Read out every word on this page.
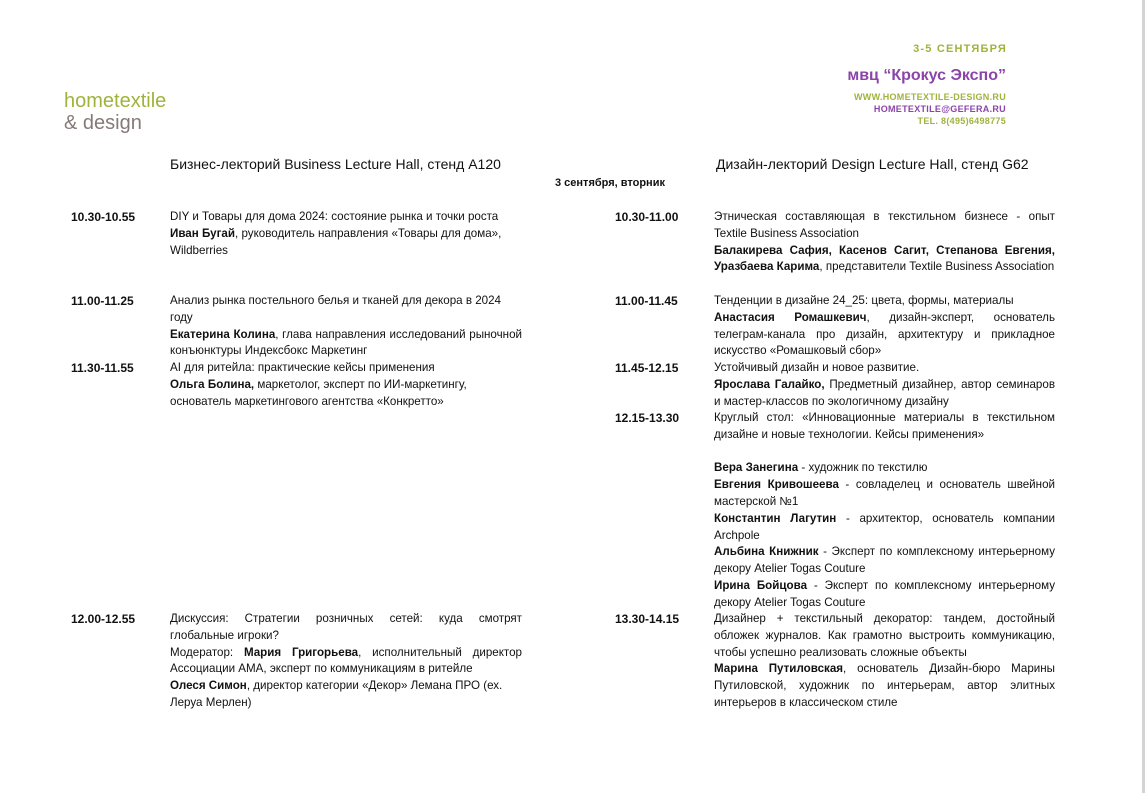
hometextile
& design
3-5 СЕНТЯБРЯ
мвц “Крокус Экспо”
WWW.HOMETEXTILE-DESIGN.RU
HOMETEXTILE@GEFERA.RU
TEL. 8(495)6498775
Бизнес-лекторий Business Lecture Hall, стенд A120	Дизайн-лекторий Design Lecture Hall, стенд G62
3 сентября, вторник
10.30-10.55	DIY и Товары для дома 2024: состояние рынка и точки роста

Иван Бугай, руководитель направления «Товары для дома», Wildberries

11.00-11.25	Анализ рынка постельного белья и тканей для декора в 2024 году

Екатерина Колина, глава направления исследований рыночной конъюнктуры Индексбокс Маркетинг

11.30-11.55	AI для ритейла: практические кейсы применения

Ольга Болина, маркетолог, эксперт по ИИ-маркетингу, основатель маркетингового агентства «Конкретто»

12.00-12.55	Дискуссия: Стратегии розничных сетей: куда смотрят глобальные игроки?

Модератор: Мария Григорьева, исполнительный директор Ассоциации АМА, эксперт по коммуникациям в ритейле

Олеся Симон, директор категории «Декор» Лемана ПРО (ех. Леруа Мерлен)

10.30-11.00	Этническая составляющая в текстильном бизнесе - опыт Textile Business Association

Балакирева Сафия, Касенов Сагит, Степанова Евгения, Уразбаева Карима, представители Textile Business Association

11.00-11.45	Тенденции в дизайне 24_25: цвета, формы, материалы

Анастасия Ромашкевич, дизайн-эксперт, основатель телеграм-канала про дизайн, архитектуру и прикладное искусство «Ромашковый сбор»

11.45-12.15	Устойчивый дизайн и новое развитие.

Ярослава Галайко, Предметный дизайнер, автор семинаров и мастер-классов по экологичному дизайну

12.15-13.30	Круглый стол: «Инновационные материалы в текстильном дизайне и новые технологии. Кейсы применения»

Вера Занегина - художник по текстилю

Евгения Кривошеева - совладелец и основатель швейной мастерской №1

Константин Лагутин - архитектор, основатель компании Archpole

Альбина Книжник - Эксперт по комплексному интерьерному декору Atelier Togas Couture

Ирина Бойцова - Эксперт по комплексному интерьерному декору Atelier Togas Couture

13.30-14.15	Дизайнер + текстильный декоратор: тандем, достойный обложек журналов. Как грамотно выстроить коммуникацию, чтобы успешно реализовать сложные объекты

Марина Путиловская, основатель Дизайн-бюро Марины Путиловской, художник по интерьерам, автор элитных интерьеров в классическом стиле
